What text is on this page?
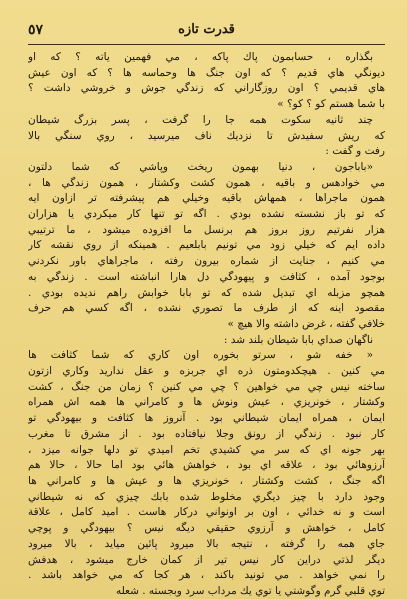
٥٧	قدرت تازه
بگذاره ، حسابمون پاك پاكه ، مي فهمين ياته ؟ كه او
ديونگي هاي قديم ؟ كه اون جنگ ها وحماسه ها ؟ كه اون عيش
هاي قديمي ؟ اون روزگاراني كه زندگي جوش و خروشي داشت ؟
با شما هستم كو ؟ كو؟ »
چند ثانيه سكوت همه جا را گرفت ، پسر بزرگ شيطان
كه ريش سفيدش تا نزديك ناف ميرسيد ، روي سنگي بالا
رفت و گفت :
«باباجون ، دنيا بهمون ريخت وپاشي كه شما دلتون
مي خوادهس و باقيه ، همون كشت وكشتار ، همون زندگي ها ،
همون ماجراها ، همهاش باقيه وخيلي هم پيشرفته تر ازاون ايه
كه تو باز نشسته نشده بودي . اگه تو تنها كار ميكردي يا هزاران
هزار نفرتيم روز بروز هم برنسل ما افزوده ميشود ، ما ترتيبي
داده ايم كه خيلي زود مي تونيم بابلعيم . همينكه از روي نقشه كار
مي كنيم ، جنايت از شماره بيرون رفته ، ماجراهاي باور نكردني
بوجود آمده ، كثافت و پيهودگي دل هارا انباشته است . زندگي به
همچو مزبله اي تبديل شده كه تو بابا خوابش راهم نديده بودي .
مقصود اينه كه از طرف ما تصوري نشده ، اگه كسي هم حرف
خلافي گفته ، غرض داشته والا هيچ »
ناگهان صداي بابا شيطان بلند شد :
« خفه شو ، سرتو بخوره اون كاري كه شما كثافت ها
مي كنين . هيچكدومتون ذره اي جربزه و عقل نداريد وكاري ازتون
ساخته نيس چي مي خواهين ؟ چي مي كنين ؟ زمان من جنگ ، كشت
وكشتار ، خونريزي ، عيش ونوش ها و كامراني ها همه اش همراه
ايمان ، همراه ايمان شيطاني بود . آنروز ها كثافت و بيهودگي تو
كار نبود . زندگي از رونق وجلا نيافتاده بود . از مشرق تا مغرب
بهر جونه اي كه سر مي كشيدي تخم اميدي تو دلها جوانه ميزد ،
آرزوهائي بود ، علاقه اي بود ، خواهش هائي بود اما حالا ، حالا هم
اگه جنگ ، كشت وكشتار ، خونريزي ها و عيش ها و كامراني ها
وجود دارد با چيز ديگري مخلوط شده بابك چيزي كه نه شيطاني
است و نه خدائي ، اون بر اونواني دركار هاست . اميد كامل ، علاقة
كامل ، خواهش و آرزوي حقيقي ديگه نيس ؟ بيهودگي و پوچي
جاي همه را گرفته ، نتيجه بالا ميرود پائين ميايد ، بالا ميرود
ديگر لذتي دراين كار نيس تير از كمان خارج ميشود ، هدفش
را نمي خواهد . مي تونيد باكند ، هر كجا كه مي خواهد باشد .
توي قلبي گرم وگوشتي يا توي يك مرداب سرد وبجسته . شعله
